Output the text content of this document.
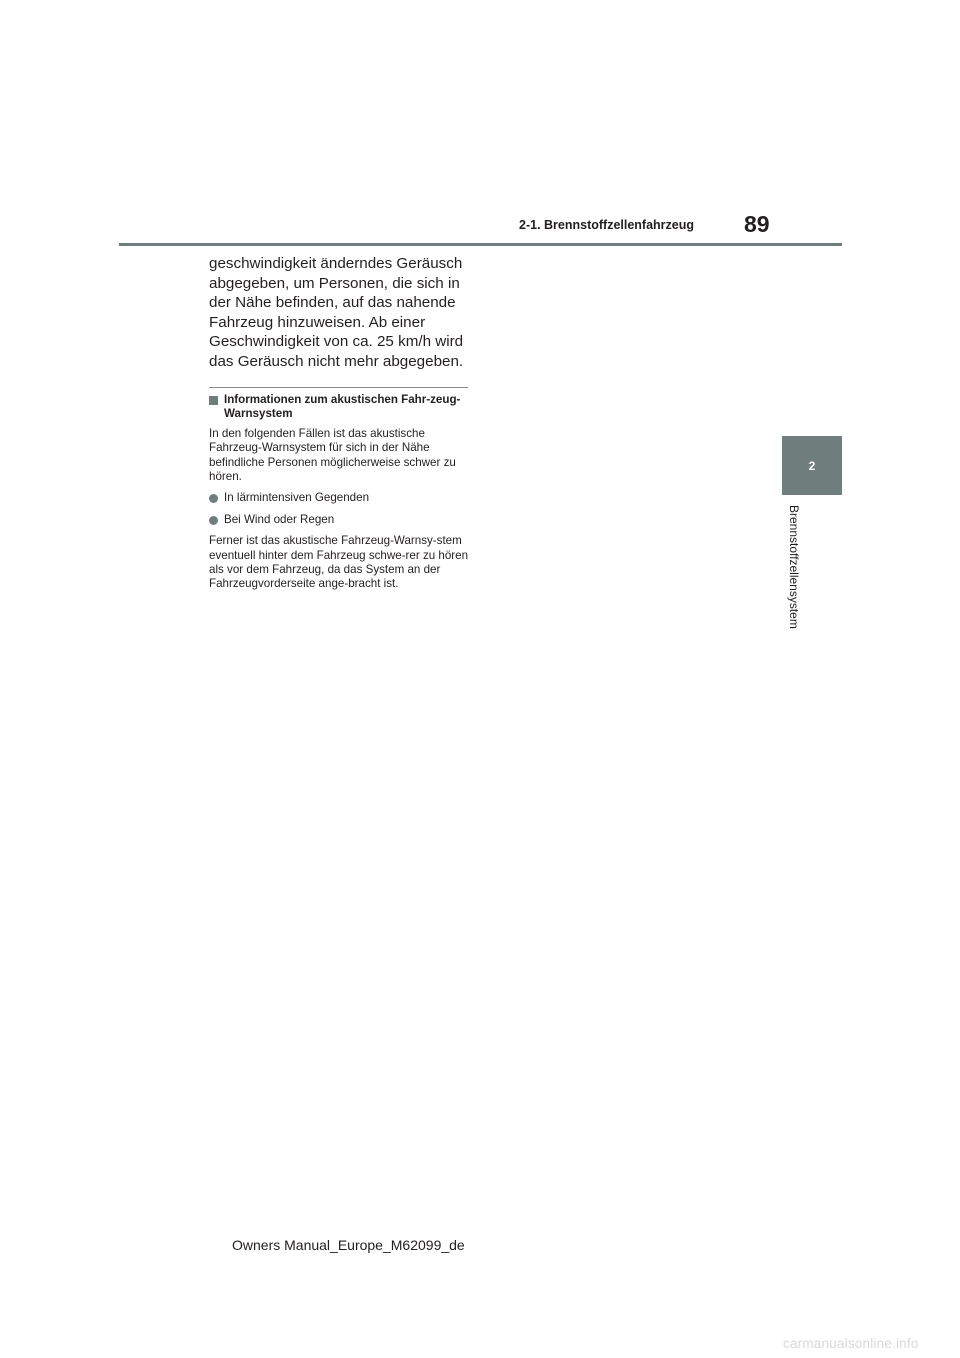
2-1. Brennstoffzellenfahrzeug 89
2
Brennstoffzellensystem

geschwindigkeit änderndes Geräusch abgegeben, um Personen, die sich in der Nähe befinden, auf das nahende Fahrzeug hinzuweisen. Ab einer Geschwindigkeit von ca. 25 km/h wird das Geräusch nicht mehr abgegeben.

Informationen zum akustischen Fahr-zeug-Warnsystem

In den folgenden Fällen ist das akustische Fahrzeug-Warnsystem für sich in der Nähe befindliche Personen möglicherweise schwer zu hören.

In lärmintensiven Gegenden
Bei Wind oder Regen

Ferner ist das akustische Fahrzeug-Warnsy-stem eventuell hinter dem Fahrzeug schwe-rer zu hören als vor dem Fahrzeug, da das System an der Fahrzeugvorderseite ange-bracht ist.

Owners Manual_Europe_M62099_de
carmanualsonline.info
